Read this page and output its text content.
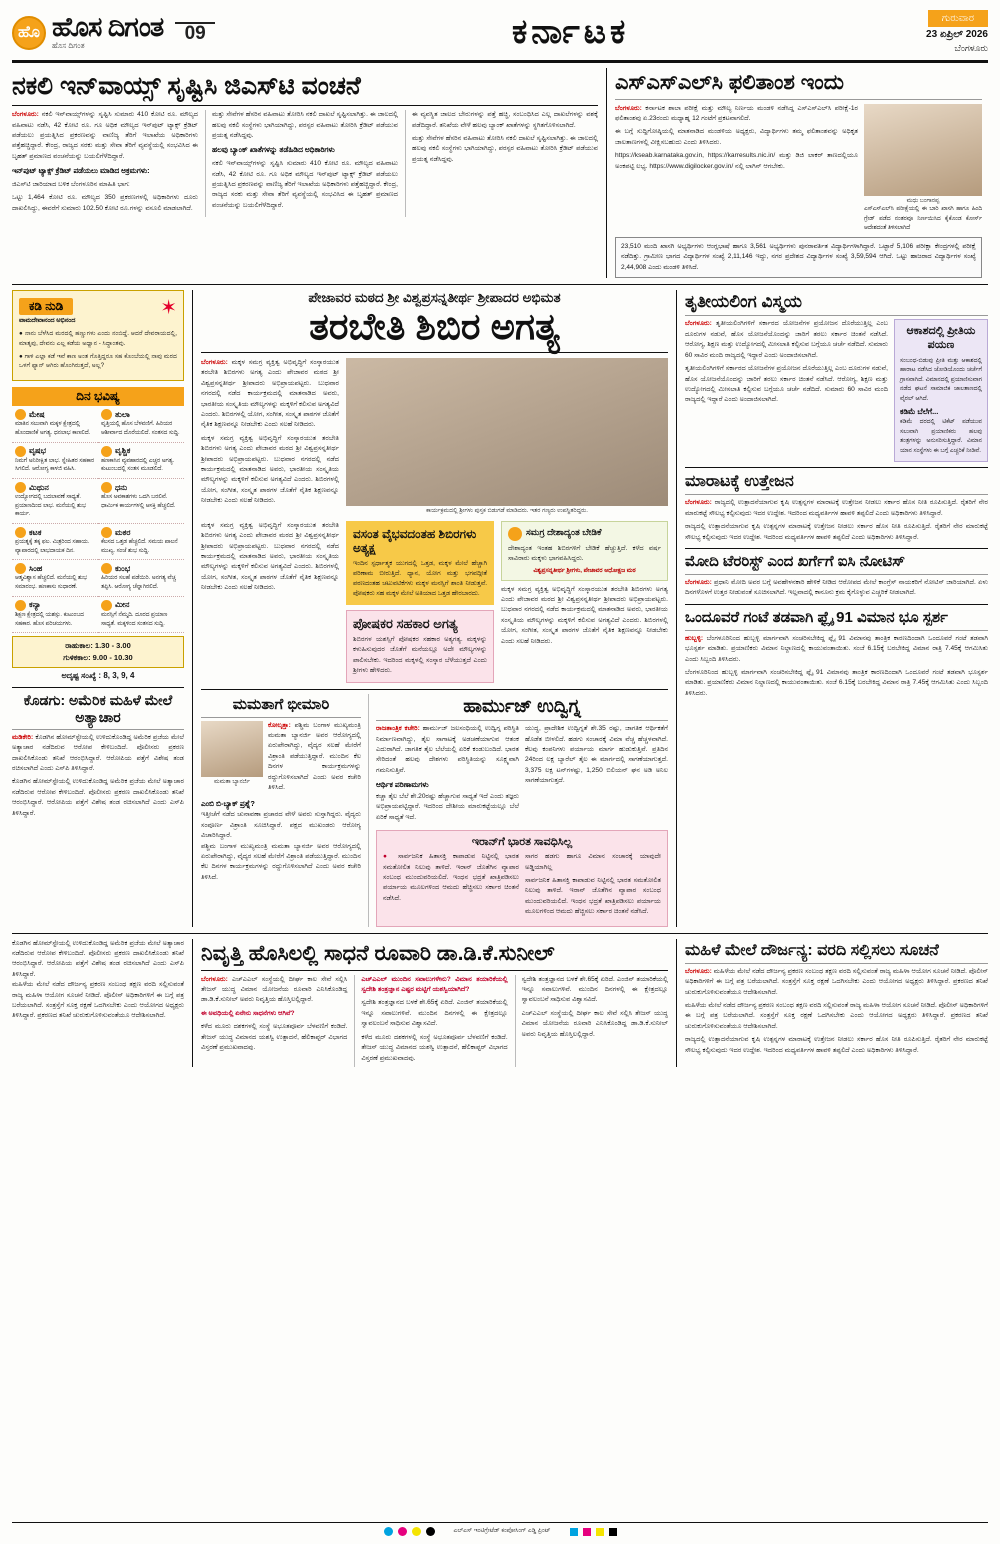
ಹೊ ಹೊಸ ದಿಗಂತ
ಹೊಸ ದಿಗಂತ
09	ಕರ್ನಾಟಕ	ಗುರುವಾರ
23 ಏಪ್ರಿಲ್ 2026
ಬೆಂಗಳೂರು
ನಕಲಿ ಇನ್‌ವಾಯ್ಸ್ ಸೃಷ್ಟಿಸಿ ಜಿಎಸ್‌ಟಿ ವಂಚನೆ

ಬೆಂಗಳೂರು: ನಕಲಿ ಇನ್‌ವಾಯ್ಸ್‌ಗಳನ್ನು ಸೃಷ್ಟಿಸಿ ಸುಮಾರು 410 ಕೋಟಿ ರೂ. ಮೌಲ್ಯದ ವಹಿವಾಟು ನಡೆಸಿ, 42 ಕೋಟಿ ರೂ. ಗೂ ಅಧಿಕ ಮೌಲ್ಯದ ಇನ್‌ಪುಟ್ ಟ್ಯಾಕ್ಸ್ ಕ್ರೆಡಿಟ್ ಪಡೆಯಲು ಪ್ರಯತ್ನಿಸಿದ ಪ್ರಕರಣವನ್ನು ವಾಣಿಜ್ಯ ತೆರಿಗೆ ಇಲಾಖೆಯ ಅಧಿಕಾರಿಗಳು ಪತ್ತೆಹಚ್ಚಿದ್ದಾರೆ. ಕೇಂದ್ರ, ರಾಜ್ಯದ ಸರಕು ಮತ್ತು ಸೇವಾ ತೆರಿಗೆ ವ್ಯವಸ್ಥೆಯಲ್ಲಿ ಸಂಭವಿಸಿದ ಈ ಬೃಹತ್ ಪ್ರಮಾಣದ ವಂಚನೆಯನ್ನು ಬಯಲಿಗೆಳೆದಿದ್ದಾರೆ.

ಇನ್‌ಪುಟ್ ಟ್ಯಾಕ್ಸ್ ಕ್ರೆಡಿಟ್ ಪಡೆಯಲು ಮಾಡಿದ ಅಕ್ರಮಗಳು:

ಜಿಎಸ್‌ಟಿ ಜಾರಿಯಾದ ಬಳಿಕ ಬೆಂಗಳೂರಿನ ಮಾಹಿತಿ ಭಾಗ:

ಒಟ್ಟು 1,464 ಕೋಟಿ ರೂ. ಮೌಲ್ಯದ 350 ಪ್ರಕರಣಗಳಲ್ಲಿ ಅಧಿಕಾರಿಗಳು ದೂರು ದಾಖಲಿಸಿದ್ದು, ಈವರೆಗೆ ಸುಮಾರು 102.50 ಕೋಟಿ ರೂ.ಗಳನ್ನು ವಸೂಲಿ ಮಾಡಲಾಗಿದೆ.

ಮತ್ತು ಸೇವೆಗಳ ಹೆಸರಿನ ವಹಿವಾಟು ತೋರಿಸಿ ನಕಲಿ ದಾಖಲೆ ಸೃಷ್ಟಿಸಲಾಗಿತ್ತು. ಈ ಜಾಲದಲ್ಲಿ ಹಲವು ನಕಲಿ ಸಂಸ್ಥೆಗಳು ಭಾಗಿಯಾಗಿದ್ದು, ಪರಸ್ಪರ ವಹಿವಾಟು ತೋರಿಸಿ ಕ್ರೆಡಿಟ್ ಪಡೆಯುವ ಪ್ರಯತ್ನ ನಡೆಸಿದ್ದವು.

ಹಲವು ಬ್ಯಾಂಕ್ ಖಾತೆಗಳನ್ನು ತಡೆಹಿಡಿದ ಅಧಿಕಾರಿಗಳು

ನಕಲಿ ಇನ್‌ವಾಯ್ಸ್‌ಗಳನ್ನು ಸೃಷ್ಟಿಸಿ ಸುಮಾರು 410 ಕೋಟಿ ರೂ. ಮೌಲ್ಯದ ವಹಿವಾಟು ನಡೆಸಿ, 42 ಕೋಟಿ ರೂ. ಗೂ ಅಧಿಕ ಮೌಲ್ಯದ ಇನ್‌ಪುಟ್ ಟ್ಯಾಕ್ಸ್ ಕ್ರೆಡಿಟ್ ಪಡೆಯಲು ಪ್ರಯತ್ನಿಸಿದ ಪ್ರಕರಣವನ್ನು ವಾಣಿಜ್ಯ ತೆರಿಗೆ ಇಲಾಖೆಯ ಅಧಿಕಾರಿಗಳು ಪತ್ತೆಹಚ್ಚಿದ್ದಾರೆ. ಕೇಂದ್ರ, ರಾಜ್ಯದ ಸರಕು ಮತ್ತು ಸೇವಾ ತೆರಿಗೆ ವ್ಯವಸ್ಥೆಯಲ್ಲಿ ಸಂಭವಿಸಿದ ಈ ಬೃಹತ್ ಪ್ರಮಾಣದ ವಂಚನೆಯನ್ನು ಬಯಲಿಗೆಳೆದಿದ್ದಾರೆ.

ಈ ವ್ಯವಸ್ಥಿತ ಜಾಲದ ಬೇರುಗಳನ್ನು ಪತ್ತೆ ಹಚ್ಚಿ, ಸಂಬಂಧಿಸಿದ ಎಲ್ಲ ದಾಖಲೆಗಳನ್ನು ವಶಕ್ಕೆ ಪಡೆದಿದ್ದಾರೆ. ತನಿಖೆಯ ವೇಳೆ ಹಲವು ಬ್ಯಾಂಕ್ ಖಾತೆಗಳನ್ನು ಸ್ಥಗಿತಗೊಳಿಸಲಾಗಿದೆ.

ಮತ್ತು ಸೇವೆಗಳ ಹೆಸರಿನ ವಹಿವಾಟು ತೋರಿಸಿ ನಕಲಿ ದಾಖಲೆ ಸೃಷ್ಟಿಸಲಾಗಿತ್ತು. ಈ ಜಾಲದಲ್ಲಿ ಹಲವು ನಕಲಿ ಸಂಸ್ಥೆಗಳು ಭಾಗಿಯಾಗಿದ್ದು, ಪರಸ್ಪರ ವಹಿವಾಟು ತೋರಿಸಿ ಕ್ರೆಡಿಟ್ ಪಡೆಯುವ ಪ್ರಯತ್ನ ನಡೆಸಿದ್ದವು.

ಎಸ್‌ಎಸ್‌ಎಲ್‌ಸಿ ಫಲಿತಾಂಶ ಇಂದು

ಬೆಂಗಳೂರು: ಕರ್ನಾಟಕ ಶಾಲಾ ಪರೀಕ್ಷೆ ಮತ್ತು ಮೌಲ್ಯ ನಿರ್ಣಯ ಮಂಡಳಿ ನಡೆಸಿದ್ದ ಎಸ್‌ಎಸ್‌ಎಲ್‌ಸಿ ಪರೀಕ್ಷೆ-1ರ ಫಲಿತಾಂಶವು ಏ.23ರಂದು ಮಧ್ಯಾಹ್ನ 12 ಗಂಟೆಗೆ ಪ್ರಕಟವಾಗಲಿದೆ.

ಈ ಬಗ್ಗೆ ಸುದ್ದಿಗೋಷ್ಠಿಯಲ್ಲಿ ಮಾತನಾಡಿದ ಮಂಡಳಿಯ ಅಧ್ಯಕ್ಷರು, ವಿದ್ಯಾರ್ಥಿಗಳು ತಮ್ಮ ಫಲಿತಾಂಶವನ್ನು ಅಧಿಕೃತ ಜಾಲತಾಣಗಳಲ್ಲಿ ವೀಕ್ಷಿಸಬಹುದು ಎಂದು ತಿಳಿಸಿದರು.

https://kseab.karnataka.gov.in, https://karresults.nic.in/ ಮತ್ತು ಡಿಜಿ ಲಾಕರ್ ತಾಣದಲ್ಲಿಯೂ ಅಂಕಪಟ್ಟಿ ಲಭ್ಯ. https://www.digilocker.gov.in/ ನಲ್ಲಿ ಲಾಗಿನ್ ಆಗಬೇಕು.

ಮಧು ಬಂಗಾರಪ್ಪ
ಎಸ್‌ಎಸ್‌ಎಲ್‌ಸಿ ಪರೀಕ್ಷೆಯಲ್ಲಿ ಈ ಬಾರಿ ಖಾಸಗಿ ಹಾಗೂ ಹಿಂದಿ ಗ್ರೇಡ್ ಪಡೆದ ನಂತರವೂ ನಿರ್ಣಯಿಸಿದ ಕೈಕೊಂಡ ಕೋರ್ಸ್ ಆದೇಶದಂತೆ ತಿಳಿಸಲಾಗಿದೆ
23,510 ಮಂದಿ ಖಾಸಗಿ ಅಭ್ಯರ್ಥಿಗಳು ಆಂಗ್ಲಭಾಷೆ ಹಾಗೂ 3,561 ಅಭ್ಯರ್ಥಿಗಳು ಪುನರಾವರ್ತಿತ ವಿದ್ಯಾರ್ಥಿಗಳಾಗಿದ್ದಾರೆ. ಒಟ್ಟಾರೆ 5,106 ಪರೀಕ್ಷಾ ಕೇಂದ್ರಗಳಲ್ಲಿ ಪರೀಕ್ಷೆ ನಡೆದಿತ್ತು. ಗ್ರಾಮೀಣ ಭಾಗದ ವಿದ್ಯಾರ್ಥಿಗಳ ಸಂಖ್ಯೆ 2,11,146 ಇದ್ದು, ನಗರ ಪ್ರದೇಶದ ವಿದ್ಯಾರ್ಥಿಗಳ ಸಂಖ್ಯೆ 3,59,594 ಆಗಿದೆ. ಒಟ್ಟು ಹಾಜರಾದ ವಿದ್ಯಾರ್ಥಿಗಳ ಸಂಖ್ಯೆ 2,44,908 ಎಂದು ಮಂಡಳಿ ತಿಳಿಸಿದೆ.
✶
ಕಡಿ ನುಡಿ
ವಾಮದೇವಾನಂದ ಅಭಿನಂದ

● ನಾನು ಬೆಳೆಸಿದ ಮರದಲ್ಲಿ ಹಣ್ಣುಗಳು ಎಂದು ನಂಬಿದ್ದೆ. ಆದರೆ ದೇವರಾಯದಲ್ಲಿ, ಮಾತೃವು, ದೇವನು ಎಲ್ಲ ಕಡೆಯ ಅಧ್ವಾನ - ಸಿದ್ಧಾಂತವು.

● ಗಾಳಿ ಎಲ್ಲಾ ಕಡೆ ಇವೆ ಕಾಣ ಅಂತ ಗೊತ್ತಿದ್ದರೂ ಸಹ ಕೊಂಬೆಯಲ್ಲಿ ನಾವು ಮರದ ಒಳಗೆ ಫ್ಯಾನ್ ಆಗಿರು ಹೊಂಗಿರುತ್ತದೆ, ಅಲ್ಲ?

ದಿನ ಭವಿಷ್ಯ
ಮೇಷ
ಮಾತಿನ ಸಲುವಾಗಿ ಮಕ್ಕಳ ಕ್ಷೇತ್ರದಲ್ಲಿ ಹೊಂದಾಣಿಕೆ ಅಗತ್ಯ. ಧನಲಾಭ ಕಾಣಲಿದೆ.
ತುಲಾ
ವೃತ್ತಿಯಲ್ಲಿ ಹೊಸ ಬೆಳವಣಿಗೆ. ಹಿರಿಯರ ಆಶೀರ್ವಾದ ದೊರೆಯಲಿದೆ. ಸಂತಸದ ಸುದ್ದಿ.
ವೃಷಭ
ನಿಮಗೆ ಅನಿರೀಕ್ಷಿತ ಲಾಭ. ಸ್ನೇಹಿತರ ಸಹಕಾರ ಸಿಗಲಿದೆ. ಆರೋಗ್ಯ ಕಾಳಜಿ ವಹಿಸಿ.
ವೃಶ್ಚಿಕ
ಹಣಕಾಸಿನ ವ್ಯವಹಾರದಲ್ಲಿ ಎಚ್ಚರ ಅಗತ್ಯ. ಕುಟುಂಬದಲ್ಲಿ ಸಂತಸ ಮೂಡಲಿದೆ.
ಮಿಥುನ
ಉದ್ಯೋಗದಲ್ಲಿ ಬದಲಾವಣೆ ಸಾಧ್ಯತೆ. ಪ್ರಯಾಣದಿಂದ ಲಾಭ. ಮನೆಯಲ್ಲಿ ಶುಭ ಕಾರ್ಯ.
ಧನು
ಹೊಸ ಅವಕಾಶಗಳು ಒದಗಿ ಬರಲಿವೆ. ಧಾರ್ಮಿಕ ಕಾರ್ಯಗಳಲ್ಲಿ ಆಸಕ್ತಿ ಹೆಚ್ಚಲಿದೆ.
ಕಟಕ
ಪ್ರಯತ್ನಕ್ಕೆ ತಕ್ಕ ಫಲ. ಮಿತ್ರರಿಂದ ಸಹಾಯ. ವ್ಯಾಪಾರದಲ್ಲಿ ಲಾಭದಾಯಕ ದಿನ.
ಮಕರ
ಕೆಲಸದ ಒತ್ತಡ ಹೆಚ್ಚಲಿದೆ. ಸಮಯ ಪಾಲನೆ ಮುಖ್ಯ. ಸಂಜೆ ಶುಭ ಸುದ್ದಿ.
ಸಿಂಹ
ಆತ್ಮವಿಶ್ವಾಸ ಹೆಚ್ಚಲಿದೆ. ಮನೆಯಲ್ಲಿ ಶುಭ ಸಮಾರಂಭ. ಹಣಕಾಸು ಸುಧಾರಣೆ.
ಕುಂಭ
ಹಿರಿಯರ ಸಲಹೆ ಪಡೆಯಿರಿ. ಅನಗತ್ಯ ವೆಚ್ಚ ತಪ್ಪಿಸಿ. ಆರೋಗ್ಯ ಚೆನ್ನಾಗಿರಲಿದೆ.
ಕನ್ಯಾ
ಶಿಕ್ಷಣ ಕ್ಷೇತ್ರದಲ್ಲಿ ಯಶಸ್ಸು. ಕುಟುಂಬದ ಸಹಕಾರ. ಹೊಸ ಪರಿಚಯಗಳು.
ಮೀನ
ಮನಸ್ಸಿಗೆ ನೆಮ್ಮದಿ. ದೂರದ ಪ್ರಯಾಣ ಸಾಧ್ಯತೆ. ಮಕ್ಕಳಿಂದ ಸಂತಸದ ಸುದ್ದಿ.
ರಾಹುಕಾಲ: 1.30 - 3.00
ಗುಳಿಕಕಾಲ: 9.00 - 10.30
ಅದೃಷ್ಟ ಸಂಖ್ಯೆ : 8, 3, 9, 4
ಕೊಡಗು: ಅಮೆರಿಕ ಮಹಿಳೆ ಮೇಲೆ ಅತ್ಯಾಚಾರ

ಮಡಿಕೇರಿ: ಕೊಡಗಿನ ಹೋಮ್‌ಸ್ಟೇಯಲ್ಲಿ ಉಳಿದುಕೊಂಡಿದ್ದ ಅಮೆರಿಕ ಪ್ರಜೆಯ ಮೇಲೆ ಅತ್ಯಾಚಾರ ನಡೆದಿರುವ ಆರೋಪ ಕೇಳಿಬಂದಿದೆ. ಪೊಲೀಸರು ಪ್ರಕರಣ ದಾಖಲಿಸಿಕೊಂಡು ತನಿಖೆ ಆರಂಭಿಸಿದ್ದಾರೆ. ಆರೋಪಿಯ ಪತ್ತೆಗೆ ವಿಶೇಷ ತಂಡ ರಚಿಸಲಾಗಿದೆ ಎಂದು ಎಸ್‌ಪಿ ತಿಳಿಸಿದ್ದಾರೆ.

ಕೊಡಗಿನ ಹೋಮ್‌ಸ್ಟೇಯಲ್ಲಿ ಉಳಿದುಕೊಂಡಿದ್ದ ಅಮೆರಿಕ ಪ್ರಜೆಯ ಮೇಲೆ ಅತ್ಯಾಚಾರ ನಡೆದಿರುವ ಆರೋಪ ಕೇಳಿಬಂದಿದೆ. ಪೊಲೀಸರು ಪ್ರಕರಣ ದಾಖಲಿಸಿಕೊಂಡು ತನಿಖೆ ಆರಂಭಿಸಿದ್ದಾರೆ. ಆರೋಪಿಯ ಪತ್ತೆಗೆ ವಿಶೇಷ ತಂಡ ರಚಿಸಲಾಗಿದೆ ಎಂದು ಎಸ್‌ಪಿ ತಿಳಿಸಿದ್ದಾರೆ.

ಪೇಜಾವರ ಮಠದ ಶ್ರೀ ವಿಶ್ವಪ್ರಸನ್ನತೀರ್ಥ ಶ್ರೀಪಾದರ ಅಭಿಮತ
ತರಬೇತಿ ಶಿಬಿರ ಅಗತ್ಯ

ಬೆಂಗಳೂರು: ಮಕ್ಕಳ ಸಮಗ್ರ ವ್ಯಕ್ತಿತ್ವ ಅಭಿವೃದ್ಧಿಗೆ ಸಂಸ್ಕಾರಯುತ ತರಬೇತಿ ಶಿಬಿರಗಳು ಅಗತ್ಯ ಎಂದು ಪೇಜಾವರ ಮಠದ ಶ್ರೀ ವಿಶ್ವಪ್ರಸನ್ನತೀರ್ಥ ಶ್ರೀಪಾದರು ಅಭಿಪ್ರಾಯಪಟ್ಟರು. ಬುಧವಾರ ನಗರದಲ್ಲಿ ನಡೆದ ಕಾರ್ಯಕ್ರಮದಲ್ಲಿ ಮಾತನಾಡಿದ ಅವರು, ಭಾರತೀಯ ಸಂಸ್ಕೃತಿಯ ಮೌಲ್ಯಗಳನ್ನು ಮಕ್ಕಳಿಗೆ ಕಲಿಸುವ ಅಗತ್ಯವಿದೆ ಎಂದರು. ಶಿಬಿರಗಳಲ್ಲಿ ಯೋಗ, ಸಂಗೀತ, ಸಂಸ್ಕೃತ ಪಾಠಗಳ ಜೊತೆಗೆ ನೈತಿಕ ಶಿಕ್ಷಣವನ್ನೂ ನೀಡಬೇಕು ಎಂದು ಸಲಹೆ ನೀಡಿದರು.

ಮಕ್ಕಳ ಸಮಗ್ರ ವ್ಯಕ್ತಿತ್ವ ಅಭಿವೃದ್ಧಿಗೆ ಸಂಸ್ಕಾರಯುತ ತರಬೇತಿ ಶಿಬಿರಗಳು ಅಗತ್ಯ ಎಂದು ಪೇಜಾವರ ಮಠದ ಶ್ರೀ ವಿಶ್ವಪ್ರಸನ್ನತೀರ್ಥ ಶ್ರೀಪಾದರು ಅಭಿಪ್ರಾಯಪಟ್ಟರು. ಬುಧವಾರ ನಗರದಲ್ಲಿ ನಡೆದ ಕಾರ್ಯಕ್ರಮದಲ್ಲಿ ಮಾತನಾಡಿದ ಅವರು, ಭಾರತೀಯ ಸಂಸ್ಕೃತಿಯ ಮೌಲ್ಯಗಳನ್ನು ಮಕ್ಕಳಿಗೆ ಕಲಿಸುವ ಅಗತ್ಯವಿದೆ ಎಂದರು. ಶಿಬಿರಗಳಲ್ಲಿ ಯೋಗ, ಸಂಗೀತ, ಸಂಸ್ಕೃತ ಪಾಠಗಳ ಜೊತೆಗೆ ನೈತಿಕ ಶಿಕ್ಷಣವನ್ನೂ ನೀಡಬೇಕು ಎಂದು ಸಲಹೆ ನೀಡಿದರು.

ಕಾರ್ಯಕ್ರಮದಲ್ಲಿ ಶ್ರೀಗಳು ಪುಸ್ತಕ ಬಿಡುಗಡೆ ಮಾಡಿದರು. ಇತರ ಗಣ್ಯರು ಉಪಸ್ಥಿತರಿದ್ದರು.
ಮಕ್ಕಳ ಸಮಗ್ರ ವ್ಯಕ್ತಿತ್ವ ಅಭಿವೃದ್ಧಿಗೆ ಸಂಸ್ಕಾರಯುತ ತರಬೇತಿ ಶಿಬಿರಗಳು ಅಗತ್ಯ ಎಂದು ಪೇಜಾವರ ಮಠದ ಶ್ರೀ ವಿಶ್ವಪ್ರಸನ್ನತೀರ್ಥ ಶ್ರೀಪಾದರು ಅಭಿಪ್ರಾಯಪಟ್ಟರು. ಬುಧವಾರ ನಗರದಲ್ಲಿ ನಡೆದ ಕಾರ್ಯಕ್ರಮದಲ್ಲಿ ಮಾತನಾಡಿದ ಅವರು, ಭಾರತೀಯ ಸಂಸ್ಕೃತಿಯ ಮೌಲ್ಯಗಳನ್ನು ಮಕ್ಕಳಿಗೆ ಕಲಿಸುವ ಅಗತ್ಯವಿದೆ ಎಂದರು. ಶಿಬಿರಗಳಲ್ಲಿ ಯೋಗ, ಸಂಗೀತ, ಸಂಸ್ಕೃತ ಪಾಠಗಳ ಜೊತೆಗೆ ನೈತಿಕ ಶಿಕ್ಷಣವನ್ನೂ ನೀಡಬೇಕು ಎಂದು ಸಲಹೆ ನೀಡಿದರು.
ವಸಂತ ವೈಭವದಂತಹ ಶಿಬಿರಗಳು ಅತ್ಯಕ್ಷ
ಇಂದಿನ ಸ್ಪರ್ಧಾತ್ಮಕ ಯುಗದಲ್ಲಿ ಒತ್ತಡ, ಮಕ್ಕಳ ಮೇಲೆ ಹೆಚ್ಚಾಗಿ ಪರಿಣಾಮ ಬೀರುತ್ತಿದೆ. ಧ್ಯಾನ, ಯೋಗ ಮತ್ತು ಭಗವದ್ಗೀತೆ ಪಠಣದಂತಹ ಚಟುವಟಿಕೆಗಳು ಮಕ್ಕಳ ಮನಸ್ಸಿಗೆ ಶಾಂತಿ ನೀಡುತ್ತವೆ. ಪೋಷಕರು ಸಹ ಮಕ್ಕಳ ಮೇಲೆ ಅತಿಯಾದ ಒತ್ತಡ ಹೇರಬಾರದು.
ಪೋಷಕರ ಸಹಕಾರ ಅಗತ್ಯ
ಶಿಬಿರಗಳ ಯಶಸ್ಸಿಗೆ ಪೋಷಕರ ಸಹಕಾರ ಅತ್ಯಗತ್ಯ. ಮಕ್ಕಳನ್ನು ಕಳುಹಿಸುವುದರ ಜೊತೆಗೆ ಮನೆಯಲ್ಲೂ ಅದೇ ಮೌಲ್ಯಗಳನ್ನು ಪಾಲಿಸಬೇಕು. ಇದರಿಂದ ಮಕ್ಕಳಲ್ಲಿ ಸಂಸ್ಕಾರ ಬೆಳೆಯುತ್ತದೆ ಎಂದು ಶ್ರೀಗಳು ಹೇಳಿದರು.
ಸಮಗ್ರ ದೇಶಾದ್ಯಂತ ಬೇಡಿಕೆ
ದೇಶಾದ್ಯಂತ ಇಂತಹ ಶಿಬಿರಗಳಿಗೆ ಬೇಡಿಕೆ ಹೆಚ್ಚುತ್ತಿದೆ. ಕಳೆದ ವರ್ಷ ಸಾವಿರಾರು ಮಕ್ಕಳು ಭಾಗವಹಿಸಿದ್ದರು.
ವಿಶ್ವಪ್ರಸನ್ನತೀರ್ಥ ಶ್ರೀಗಳು, ಪೇಜಾವರ ಅಧೋಕ್ಷಜ ಮಠ
ಮಕ್ಕಳ ಸಮಗ್ರ ವ್ಯಕ್ತಿತ್ವ ಅಭಿವೃದ್ಧಿಗೆ ಸಂಸ್ಕಾರಯುತ ತರಬೇತಿ ಶಿಬಿರಗಳು ಅಗತ್ಯ ಎಂದು ಪೇಜಾವರ ಮಠದ ಶ್ರೀ ವಿಶ್ವಪ್ರಸನ್ನತೀರ್ಥ ಶ್ರೀಪಾದರು ಅಭಿಪ್ರಾಯಪಟ್ಟರು. ಬುಧವಾರ ನಗರದಲ್ಲಿ ನಡೆದ ಕಾರ್ಯಕ್ರಮದಲ್ಲಿ ಮಾತನಾಡಿದ ಅವರು, ಭಾರತೀಯ ಸಂಸ್ಕೃತಿಯ ಮೌಲ್ಯಗಳನ್ನು ಮಕ್ಕಳಿಗೆ ಕಲಿಸುವ ಅಗತ್ಯವಿದೆ ಎಂದರು. ಶಿಬಿರಗಳಲ್ಲಿ ಯೋಗ, ಸಂಗೀತ, ಸಂಸ್ಕೃತ ಪಾಠಗಳ ಜೊತೆಗೆ ನೈತಿಕ ಶಿಕ್ಷಣವನ್ನೂ ನೀಡಬೇಕು ಎಂದು ಸಲಹೆ ನೀಡಿದರು.
ಮಮತಾಗೆ ಭೀಮಾರಿ
ಮಮತಾ ಬ್ಯಾನರ್ಜಿ

ಕೋಲ್ಕತ್ತಾ: ಪಶ್ಚಿಮ ಬಂಗಾಳ ಮುಖ್ಯಮಂತ್ರಿ ಮಮತಾ ಬ್ಯಾನರ್ಜಿ ಅವರ ಆರೋಗ್ಯದಲ್ಲಿ ಏರುಪೇರಾಗಿದ್ದು, ವೈದ್ಯರ ಸಲಹೆ ಮೇರೆಗೆ ವಿಶ್ರಾಂತಿ ಪಡೆಯುತ್ತಿದ್ದಾರೆ. ಮುಂದಿನ ಕೆಲ ದಿನಗಳ ಕಾರ್ಯಕ್ರಮಗಳನ್ನು ರದ್ದುಗೊಳಿಸಲಾಗಿದೆ ಎಂದು ಅವರ ಕಚೇರಿ ತಿಳಿಸಿದೆ.

ಎಂಬಿ ಬಿ-ಬ್ಯಾಕ್ ಪ್ರಶ್ನೆ?
ಇತ್ತೀಚೆಗೆ ನಡೆದ ಚುನಾವಣಾ ಪ್ರಚಾರದ ವೇಳೆ ಅವರು ಸುಸ್ತಾಗಿದ್ದರು. ವೈದ್ಯರು ಸಂಪೂರ್ಣ ವಿಶ್ರಾಂತಿ ಸೂಚಿಸಿದ್ದಾರೆ. ಪಕ್ಷದ ಮುಖಂಡರು ಆರೋಗ್ಯ ವಿಚಾರಿಸಿದ್ದಾರೆ.
ಪಶ್ಚಿಮ ಬಂಗಾಳ ಮುಖ್ಯಮಂತ್ರಿ ಮಮತಾ ಬ್ಯಾನರ್ಜಿ ಅವರ ಆರೋಗ್ಯದಲ್ಲಿ ಏರುಪೇರಾಗಿದ್ದು, ವೈದ್ಯರ ಸಲಹೆ ಮೇರೆಗೆ ವಿಶ್ರಾಂತಿ ಪಡೆಯುತ್ತಿದ್ದಾರೆ. ಮುಂದಿನ ಕೆಲ ದಿನಗಳ ಕಾರ್ಯಕ್ರಮಗಳನ್ನು ರದ್ದುಗೊಳಿಸಲಾಗಿದೆ ಎಂದು ಅವರ ಕಚೇರಿ ತಿಳಿಸಿದೆ.
ಹಾರ್ಮುಜ್ ಉದ್ವಿಗ್ನ

ರಾಜತಾಂತ್ರಿಕ ಕಚೇರಿ: ಹಾರ್ಮುಜ್ ಜಲಸಂಧಿಯಲ್ಲಿ ಉದ್ವಿಗ್ನ ಪರಿಸ್ಥಿತಿ ನಿರ್ಮಾಣವಾಗಿದ್ದು, ತೈಲ ಸಾಗಾಟಕ್ಕೆ ಅಡಚಣೆಯಾಗುವ ಆತಂಕ ಎದುರಾಗಿದೆ. ಜಾಗತಿಕ ತೈಲ ಬೆಲೆಯಲ್ಲಿ ಏರಿಕೆ ಕಂಡುಬಂದಿದೆ. ಭಾರತ ಸೇರಿದಂತೆ ಹಲವು ದೇಶಗಳು ಪರಿಸ್ಥಿತಿಯನ್ನು ಸೂಕ್ಷ್ಮವಾಗಿ ಗಮನಿಸುತ್ತಿವೆ.

ಆರ್ಥಿಕ ಪರಿಣಾಮಗಳು

ಕಚ್ಚಾ ತೈಲ ಬೆಲೆ ಶೇ.20ರಷ್ಟು ಹೆಚ್ಚಾಗುವ ಸಾಧ್ಯತೆ ಇದೆ ಎಂದು ತಜ್ಞರು ಅಭಿಪ್ರಾಯಪಟ್ಟಿದ್ದಾರೆ. ಇದರಿಂದ ದೇಶೀಯ ಮಾರುಕಟ್ಟೆಯಲ್ಲೂ ಬೆಲೆ ಏರಿಕೆ ಸಾಧ್ಯತೆ ಇದೆ.

ಯುದ್ಧ, ಪ್ರಾದೇಶಿಕ ಉದ್ವಿಗ್ನತೆ ಶೇ.35 ರಷ್ಟು, ಜಾಗತಿಕ ಆರ್ಥಿಕತೆಗೆ ಹೊಡೆತ ಬೀಳಲಿದೆ. ಹಡಗು ಸಂಚಾರಕ್ಕೆ ವಿಮಾ ವೆಚ್ಚ ಹೆಚ್ಚಳವಾಗಿದೆ. ಕೆಲವು ಕಂಪನಿಗಳು ಪರ್ಯಾಯ ಮಾರ್ಗ ಹುಡುಕುತ್ತಿವೆ. ಪ್ರತಿದಿನ 24ರಿಂದ ಲಕ್ಷ ಬ್ಯಾರೆಲ್ ತೈಲ ಈ ಮಾರ್ಗದಲ್ಲಿ ಸಾಗಣೆಯಾಗುತ್ತದೆ. 3,375 ಲಕ್ಷ ಟನ್‌ಗಳಷ್ಟು, 1,250 ಬಿಲಿಯನ್ ಘನ ಅಡಿ ಅನಿಲ ಸಾಗಣೆಯಾಗುತ್ತದೆ.

ಇರಾನ್‌ಗೆ ಭಾರತ ಸಾವಧಿಸಿಲ್ಲ

● ಸಾರ್ವಜನಿಕ ಹಿತಾಸಕ್ತಿ ಕಾಪಾಡುವ ನಿಟ್ಟಿನಲ್ಲಿ ಭಾರತ ಸಮತೋಲಿತ ನಿಲುವು ತಾಳಿದೆ. ಇರಾನ್ ಜೊತೆಗಿನ ವ್ಯಾಪಾರ ಸಂಬಂಧ ಮುಂದುವರಿಯಲಿದೆ. ಇಂಧನ ಭದ್ರತೆ ಖಾತ್ರಿಪಡಿಸಲು ಪರ್ಯಾಯ ಮೂಲಗಳಿಂದ ಆಮದು ಹೆಚ್ಚಿಸಲು ಸರ್ಕಾರ ಚಿಂತನೆ ನಡೆಸಿದೆ.

ಸಾಗರ ಹಡಗು ಹಾಗೂ ವಿಮಾನ ಸಂಚಾರಕ್ಕೆ ಯಾವುದೇ ಅಡ್ಡಿಯಾಗಿಲ್ಲ

ಸಾರ್ವಜನಿಕ ಹಿತಾಸಕ್ತಿ ಕಾಪಾಡುವ ನಿಟ್ಟಿನಲ್ಲಿ ಭಾರತ ಸಮತೋಲಿತ ನಿಲುವು ತಾಳಿದೆ. ಇರಾನ್ ಜೊತೆಗಿನ ವ್ಯಾಪಾರ ಸಂಬಂಧ ಮುಂದುವರಿಯಲಿದೆ. ಇಂಧನ ಭದ್ರತೆ ಖಾತ್ರಿಪಡಿಸಲು ಪರ್ಯಾಯ ಮೂಲಗಳಿಂದ ಆಮದು ಹೆಚ್ಚಿಸಲು ಸರ್ಕಾರ ಚಿಂತನೆ ನಡೆಸಿದೆ.

ತೃತೀಯಲಿಂಗ ವಿಸ್ಮಯ

ಬೆಂಗಳೂರು: ತೃತೀಯಲಿಂಗಿಗಳಿಗೆ ಸರ್ಕಾರದ ಯೋಜನೆಗಳ ಪ್ರಯೋಜನ ದೊರೆಯುತ್ತಿಲ್ಲ ಎಂಬ ದೂರುಗಳ ನಡುವೆ, ಹೊಸ ಯೋಜನೆಯೊಂದನ್ನು ಜಾರಿಗೆ ತರಲು ಸರ್ಕಾರ ಚಿಂತನೆ ನಡೆಸಿದೆ. ಆರೋಗ್ಯ, ಶಿಕ್ಷಣ ಮತ್ತು ಉದ್ಯೋಗದಲ್ಲಿ ಮೀಸಲಾತಿ ಕಲ್ಪಿಸುವ ಬಗ್ಗೆಯೂ ಚರ್ಚೆ ನಡೆದಿದೆ. ಸುಮಾರು 60 ಸಾವಿರ ಮಂದಿ ರಾಜ್ಯದಲ್ಲಿ ಇದ್ದಾರೆ ಎಂದು ಅಂದಾಜಿಸಲಾಗಿದೆ.

ತೃತೀಯಲಿಂಗಿಗಳಿಗೆ ಸರ್ಕಾರದ ಯೋಜನೆಗಳ ಪ್ರಯೋಜನ ದೊರೆಯುತ್ತಿಲ್ಲ ಎಂಬ ದೂರುಗಳ ನಡುವೆ, ಹೊಸ ಯೋಜನೆಯೊಂದನ್ನು ಜಾರಿಗೆ ತರಲು ಸರ್ಕಾರ ಚಿಂತನೆ ನಡೆಸಿದೆ. ಆರೋಗ್ಯ, ಶಿಕ್ಷಣ ಮತ್ತು ಉದ್ಯೋಗದಲ್ಲಿ ಮೀಸಲಾತಿ ಕಲ್ಪಿಸುವ ಬಗ್ಗೆಯೂ ಚರ್ಚೆ ನಡೆದಿದೆ. ಸುಮಾರು 60 ಸಾವಿರ ಮಂದಿ ರಾಜ್ಯದಲ್ಲಿ ಇದ್ದಾರೆ ಎಂದು ಅಂದಾಜಿಸಲಾಗಿದೆ.

ಆಕಾಶದಲ್ಲಿ ಪ್ರೀತಿಯ ಪಯಣ
ಸಂಬಂಧ-ಬಿಡುವು ಪ್ರೀತಿ ಮತ್ತು ಆಕಾಶದಲ್ಲಿ ಹಾರಾಟ ನಡೆಸಿದ ಜೋಡಿಯೊಂದು ಚರ್ಚೆಗೆ ಗ್ರಾಸವಾಗಿದೆ. ವಿಮಾನದಲ್ಲಿ ಪ್ರಯಾಣಿಸುವಾಗ ನಡೆದ ಘಟನೆ ಸಾಮಾಜಿಕ ಜಾಲತಾಣದಲ್ಲಿ ವೈರಲ್ ಆಗಿದೆ.
ಕಡಿಮೆ ಬೆಲೆಗೆ...
ಕಡಿಮೆ ದರದಲ್ಲಿ ಟಿಕೆಟ್ ಪಡೆಯುವ ಸಲುವಾಗಿ ಪ್ರಯಾಣಿಕರು ಹಲವು ತಂತ್ರಗಳನ್ನು ಅನುಸರಿಸುತ್ತಿದ್ದಾರೆ. ವಿಮಾನ ಯಾನ ಸಂಸ್ಥೆಗಳು ಈ ಬಗ್ಗೆ ಎಚ್ಚರಿಕೆ ನೀಡಿವೆ.
ಮಾರಾಟಕ್ಕೆ ಉತ್ತೇಜನ

ಬೆಂಗಳೂರು: ರಾಜ್ಯದಲ್ಲಿ ಉತ್ಪಾದನೆಯಾಗುವ ಕೃಷಿ ಉತ್ಪನ್ನಗಳ ಮಾರಾಟಕ್ಕೆ ಉತ್ತೇಜನ ನೀಡಲು ಸರ್ಕಾರ ಹೊಸ ನೀತಿ ರೂಪಿಸುತ್ತಿದೆ. ರೈತರಿಗೆ ನೇರ ಮಾರುಕಟ್ಟೆ ಸೌಲಭ್ಯ ಕಲ್ಪಿಸುವುದು ಇದರ ಉದ್ದೇಶ. ಇದರಿಂದ ಮಧ್ಯವರ್ತಿಗಳ ಹಾವಳಿ ತಪ್ಪಲಿದೆ ಎಂದು ಅಧಿಕಾರಿಗಳು ತಿಳಿಸಿದ್ದಾರೆ.

ರಾಜ್ಯದಲ್ಲಿ ಉತ್ಪಾದನೆಯಾಗುವ ಕೃಷಿ ಉತ್ಪನ್ನಗಳ ಮಾರಾಟಕ್ಕೆ ಉತ್ತೇಜನ ನೀಡಲು ಸರ್ಕಾರ ಹೊಸ ನೀತಿ ರೂಪಿಸುತ್ತಿದೆ. ರೈತರಿಗೆ ನೇರ ಮಾರುಕಟ್ಟೆ ಸೌಲಭ್ಯ ಕಲ್ಪಿಸುವುದು ಇದರ ಉದ್ದೇಶ. ಇದರಿಂದ ಮಧ್ಯವರ್ತಿಗಳ ಹಾವಳಿ ತಪ್ಪಲಿದೆ ಎಂದು ಅಧಿಕಾರಿಗಳು ತಿಳಿಸಿದ್ದಾರೆ.

ಮೋದಿ ಟೆರರಿಸ್ಟ್ ಎಂದ ಖರ್ಗೆಗೆ ಐಸಿ ನೋಟಿಸ್

ಬೆಂಗಳೂರು: ಪ್ರಧಾನಿ ಮೋದಿ ಅವರ ಬಗ್ಗೆ ಅವಹೇಳನಕಾರಿ ಹೇಳಿಕೆ ನೀಡಿದ ಆರೋಪದ ಮೇಲೆ ಕಾಂಗ್ರೆಸ್ ನಾಯಕರಿಗೆ ನೋಟಿಸ್ ಜಾರಿಯಾಗಿದೆ. ಏಳು ದಿನಗಳೊಳಗೆ ಉತ್ತರ ನೀಡುವಂತೆ ಸೂಚಿಸಲಾಗಿದೆ. ಇಲ್ಲವಾದಲ್ಲಿ ಕಾನೂನು ಕ್ರಮ ಕೈಗೊಳ್ಳುವ ಎಚ್ಚರಿಕೆ ನೀಡಲಾಗಿದೆ.

ಒಂದೂವರೆ ಗಂಟೆ ತಡವಾಗಿ ಫ್ಲೈ 91 ವಿಮಾನ ಭೂ ಸ್ಪರ್ಶ

ಹುಬ್ಬಳ್ಳಿ: ಬೆಂಗಳೂರಿನಿಂದ ಹುಬ್ಬಳ್ಳಿ ಮಾರ್ಗವಾಗಿ ಸಂಚರಿಸಬೇಕಿದ್ದ ಫ್ಲೈ 91 ವಿಮಾನವು ತಾಂತ್ರಿಕ ಕಾರಣದಿಂದಾಗಿ ಒಂದೂವರೆ ಗಂಟೆ ತಡವಾಗಿ ಭೂಸ್ಪರ್ಶ ಮಾಡಿತು. ಪ್ರಯಾಣಿಕರು ವಿಮಾನ ನಿಲ್ದಾಣದಲ್ಲಿ ಕಾಯುವಂತಾಯಿತು. ಸಂಜೆ 6.15ಕ್ಕೆ ಬರಬೇಕಿದ್ದ ವಿಮಾನ ರಾತ್ರಿ 7.45ಕ್ಕೆ ಆಗಮಿಸಿತು ಎಂದು ಸಿಬ್ಬಂದಿ ತಿಳಿಸಿದರು.

ಬೆಂಗಳೂರಿನಿಂದ ಹುಬ್ಬಳ್ಳಿ ಮಾರ್ಗವಾಗಿ ಸಂಚರಿಸಬೇಕಿದ್ದ ಫ್ಲೈ 91 ವಿಮಾನವು ತಾಂತ್ರಿಕ ಕಾರಣದಿಂದಾಗಿ ಒಂದೂವರೆ ಗಂಟೆ ತಡವಾಗಿ ಭೂಸ್ಪರ್ಶ ಮಾಡಿತು. ಪ್ರಯಾಣಿಕರು ವಿಮಾನ ನಿಲ್ದಾಣದಲ್ಲಿ ಕಾಯುವಂತಾಯಿತು. ಸಂಜೆ 6.15ಕ್ಕೆ ಬರಬೇಕಿದ್ದ ವಿಮಾನ ರಾತ್ರಿ 7.45ಕ್ಕೆ ಆಗಮಿಸಿತು ಎಂದು ಸಿಬ್ಬಂದಿ ತಿಳಿಸಿದರು.

ಕೊಡಗಿನ ಹೋಮ್‌ಸ್ಟೇಯಲ್ಲಿ ಉಳಿದುಕೊಂಡಿದ್ದ ಅಮೆರಿಕ ಪ್ರಜೆಯ ಮೇಲೆ ಅತ್ಯಾಚಾರ ನಡೆದಿರುವ ಆರೋಪ ಕೇಳಿಬಂದಿದೆ. ಪೊಲೀಸರು ಪ್ರಕರಣ ದಾಖಲಿಸಿಕೊಂಡು ತನಿಖೆ ಆರಂಭಿಸಿದ್ದಾರೆ. ಆರೋಪಿಯ ಪತ್ತೆಗೆ ವಿಶೇಷ ತಂಡ ರಚಿಸಲಾಗಿದೆ ಎಂದು ಎಸ್‌ಪಿ ತಿಳಿಸಿದ್ದಾರೆ.
ಮಹಿಳೆಯ ಮೇಲೆ ನಡೆದ ದೌರ್ಜನ್ಯ ಪ್ರಕರಣ ಸಂಬಂಧ ತಕ್ಷಣ ವರದಿ ಸಲ್ಲಿಸುವಂತೆ ರಾಜ್ಯ ಮಹಿಳಾ ಆಯೋಗ ಸೂಚನೆ ನೀಡಿದೆ. ಪೊಲೀಸ್ ಅಧಿಕಾರಿಗಳಿಗೆ ಈ ಬಗ್ಗೆ ಪತ್ರ ಬರೆಯಲಾಗಿದೆ. ಸಂತ್ರಸ್ತೆಗೆ ಸೂಕ್ತ ರಕ್ಷಣೆ ಒದಗಿಸಬೇಕು ಎಂದು ಆಯೋಗದ ಅಧ್ಯಕ್ಷರು ತಿಳಿಸಿದ್ದಾರೆ. ಪ್ರಕರಣದ ತನಿಖೆ ಚುರುಕುಗೊಳಿಸುವಂತೆಯೂ ಆದೇಶಿಸಲಾಗಿದೆ.
ನಿವೃತ್ತಿ ಹೊಸಿಲಲ್ಲಿ ಸಾಧನೆ ರೂವಾರಿ ಡಾ.ಡಿ.ಕೆ.ಸುನೀಲ್

ಬೆಂಗಳೂರು: ಎಚ್‌ಎಎಲ್ ಸಂಸ್ಥೆಯಲ್ಲಿ ದೀರ್ಘ ಕಾಲ ಸೇವೆ ಸಲ್ಲಿಸಿ ತೇಜಸ್ ಯುದ್ಧ ವಿಮಾನ ಯೋಜನೆಯ ರೂವಾರಿ ಎನಿಸಿಕೊಂಡಿದ್ದ ಡಾ.ಡಿ.ಕೆ.ಸುನೀಲ್ ಅವರು ನಿವೃತ್ತಿಯ ಹೊಸ್ತಿಲಲ್ಲಿದ್ದಾರೆ.

ಈ ಅವಧಿಯಲ್ಲಿ ಏನೇನು ಸಾಧನೆಗಳು ಆಗಿವೆ?

ಕಳೆದ ಮೂರು ದಶಕಗಳಲ್ಲಿ ಸಂಸ್ಥೆ ಅಭೂತಪೂರ್ವ ಬೆಳವಣಿಗೆ ಕಂಡಿದೆ. ತೇಜಸ್ ಯುದ್ಧ ವಿಮಾನದ ಯಶಸ್ವಿ ಉತ್ಪಾದನೆ, ಹೆಲಿಕಾಪ್ಟರ್ ವಿಭಾಗದ ವಿಸ್ತರಣೆ ಪ್ರಮುಖವಾದವು.

ಎಚ್‌ಎಎಲ್ ಮುಂದಿನ ಸವಾಲುಗಳೇನು? ವಿಮಾನ ತಯಾರಿಕೆಯಲ್ಲಿ ಸ್ವದೇಶಿ ತಂತ್ರಜ್ಞಾನ ಎಷ್ಟರ ಮಟ್ಟಿಗೆ ಯಶಸ್ವಿಯಾಗಿದೆ?

ಸ್ವದೇಶಿ ತಂತ್ರಜ್ಞಾನದ ಬಳಕೆ ಶೇ.65ಕ್ಕೆ ಏರಿದೆ. ಎಂಜಿನ್ ತಯಾರಿಕೆಯಲ್ಲಿ ಇನ್ನೂ ಸವಾಲುಗಳಿವೆ. ಮುಂದಿನ ದಿನಗಳಲ್ಲಿ ಈ ಕ್ಷೇತ್ರದಲ್ಲೂ ಸ್ವಾವಲಂಬನೆ ಸಾಧಿಸುವ ವಿಶ್ವಾಸವಿದೆ.

ಕಳೆದ ಮೂರು ದಶಕಗಳಲ್ಲಿ ಸಂಸ್ಥೆ ಅಭೂತಪೂರ್ವ ಬೆಳವಣಿಗೆ ಕಂಡಿದೆ. ತೇಜಸ್ ಯುದ್ಧ ವಿಮಾನದ ಯಶಸ್ವಿ ಉತ್ಪಾದನೆ, ಹೆಲಿಕಾಪ್ಟರ್ ವಿಭಾಗದ ವಿಸ್ತರಣೆ ಪ್ರಮುಖವಾದವು.

ಸ್ವದೇಶಿ ತಂತ್ರಜ್ಞಾನದ ಬಳಕೆ ಶೇ.65ಕ್ಕೆ ಏರಿದೆ. ಎಂಜಿನ್ ತಯಾರಿಕೆಯಲ್ಲಿ ಇನ್ನೂ ಸವಾಲುಗಳಿವೆ. ಮುಂದಿನ ದಿನಗಳಲ್ಲಿ ಈ ಕ್ಷೇತ್ರದಲ್ಲೂ ಸ್ವಾವಲಂಬನೆ ಸಾಧಿಸುವ ವಿಶ್ವಾಸವಿದೆ.

ಎಚ್‌ಎಎಲ್ ಸಂಸ್ಥೆಯಲ್ಲಿ ದೀರ್ಘ ಕಾಲ ಸೇವೆ ಸಲ್ಲಿಸಿ ತೇಜಸ್ ಯುದ್ಧ ವಿಮಾನ ಯೋಜನೆಯ ರೂವಾರಿ ಎನಿಸಿಕೊಂಡಿದ್ದ ಡಾ.ಡಿ.ಕೆ.ಸುನೀಲ್ ಅವರು ನಿವೃತ್ತಿಯ ಹೊಸ್ತಿಲಲ್ಲಿದ್ದಾರೆ.

ಮಹಿಳೆ ಮೇಲೆ ದೌರ್ಜನ್ಯ: ವರದಿ ಸಲ್ಲಿಸಲು ಸೂಚನೆ

ಬೆಂಗಳೂರು: ಮಹಿಳೆಯ ಮೇಲೆ ನಡೆದ ದೌರ್ಜನ್ಯ ಪ್ರಕರಣ ಸಂಬಂಧ ತಕ್ಷಣ ವರದಿ ಸಲ್ಲಿಸುವಂತೆ ರಾಜ್ಯ ಮಹಿಳಾ ಆಯೋಗ ಸೂಚನೆ ನೀಡಿದೆ. ಪೊಲೀಸ್ ಅಧಿಕಾರಿಗಳಿಗೆ ಈ ಬಗ್ಗೆ ಪತ್ರ ಬರೆಯಲಾಗಿದೆ. ಸಂತ್ರಸ್ತೆಗೆ ಸೂಕ್ತ ರಕ್ಷಣೆ ಒದಗಿಸಬೇಕು ಎಂದು ಆಯೋಗದ ಅಧ್ಯಕ್ಷರು ತಿಳಿಸಿದ್ದಾರೆ. ಪ್ರಕರಣದ ತನಿಖೆ ಚುರುಕುಗೊಳಿಸುವಂತೆಯೂ ಆದೇಶಿಸಲಾಗಿದೆ.

ಮಹಿಳೆಯ ಮೇಲೆ ನಡೆದ ದೌರ್ಜನ್ಯ ಪ್ರಕರಣ ಸಂಬಂಧ ತಕ್ಷಣ ವರದಿ ಸಲ್ಲಿಸುವಂತೆ ರಾಜ್ಯ ಮಹಿಳಾ ಆಯೋಗ ಸೂಚನೆ ನೀಡಿದೆ. ಪೊಲೀಸ್ ಅಧಿಕಾರಿಗಳಿಗೆ ಈ ಬಗ್ಗೆ ಪತ್ರ ಬರೆಯಲಾಗಿದೆ. ಸಂತ್ರಸ್ತೆಗೆ ಸೂಕ್ತ ರಕ್ಷಣೆ ಒದಗಿಸಬೇಕು ಎಂದು ಆಯೋಗದ ಅಧ್ಯಕ್ಷರು ತಿಳಿಸಿದ್ದಾರೆ. ಪ್ರಕರಣದ ತನಿಖೆ ಚುರುಕುಗೊಳಿಸುವಂತೆಯೂ ಆದೇಶಿಸಲಾಗಿದೆ.

ರಾಜ್ಯದಲ್ಲಿ ಉತ್ಪಾದನೆಯಾಗುವ ಕೃಷಿ ಉತ್ಪನ್ನಗಳ ಮಾರಾಟಕ್ಕೆ ಉತ್ತೇಜನ ನೀಡಲು ಸರ್ಕಾರ ಹೊಸ ನೀತಿ ರೂಪಿಸುತ್ತಿದೆ. ರೈತರಿಗೆ ನೇರ ಮಾರುಕಟ್ಟೆ ಸೌಲಭ್ಯ ಕಲ್ಪಿಸುವುದು ಇದರ ಉದ್ದೇಶ. ಇದರಿಂದ ಮಧ್ಯವರ್ತಿಗಳ ಹಾವಳಿ ತಪ್ಪಲಿದೆ ಎಂದು ಅಧಿಕಾರಿಗಳು ತಿಳಿಸಿದ್ದಾರೆ.

ಎಲ್‌ಎಸ್ ಇಂಟಿಗ್ರೇಟೆಡ್ ಕಂಪೋಸಿಂಗ್ ಎಡ್ಡಿ ಪ್ರಿಂಟ್
